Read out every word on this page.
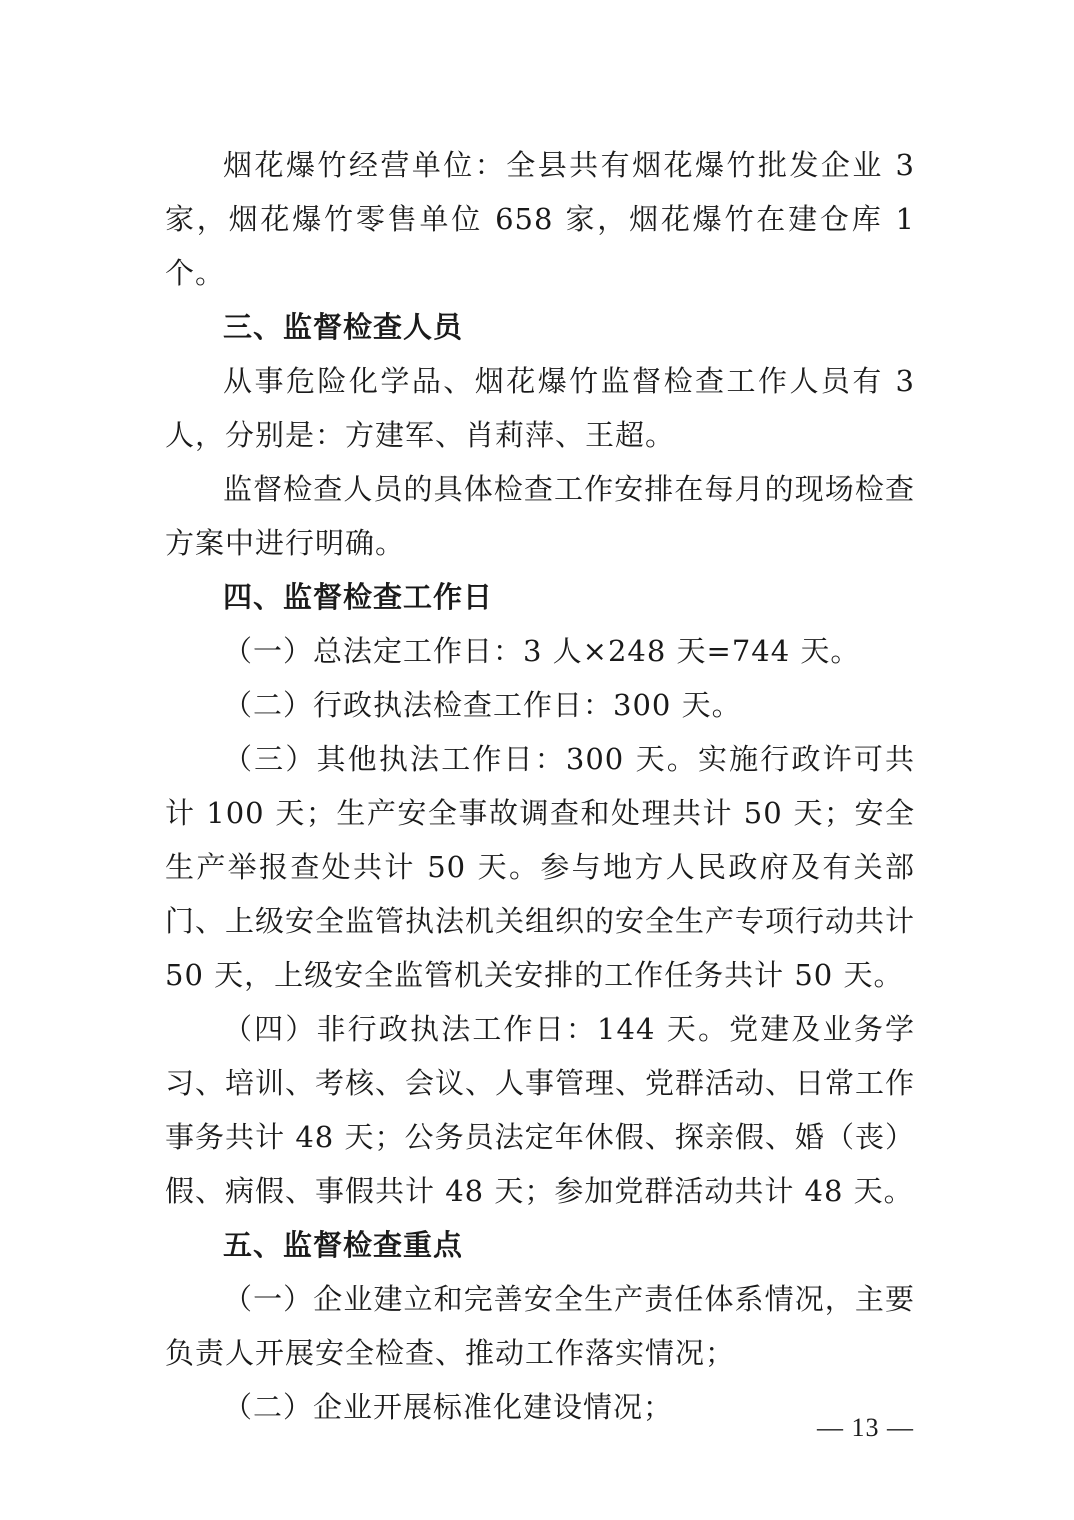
烟花爆竹经营单位：全县共有烟花爆竹批发企业 3 家，烟花爆竹零售单位 658 家，烟花爆竹在建仓库 1 个。

三、监督检查人员

从事危险化学品、烟花爆竹监督检查工作人员有 3 人，分别是：方建军、肖莉萍、王超。

监督检查人员的具体检查工作安排在每月的现场检查方案中进行明确。

四、监督检查工作日

（一）总法定工作日：3 人×248 天=744 天。

（二）行政执法检查工作日：300 天。

（三）其他执法工作日：300 天。实施行政许可共计 100 天；生产安全事故调查和处理共计 50 天；安全生产举报查处共计 50 天。参与地方人民政府及有关部门、上级安全监管执法机关组织的安全生产专项行动共计 50 天，上级安全监管机关安排的工作任务共计 50 天。

（四）非行政执法工作日：144 天。党建及业务学习、培训、考核、会议、人事管理、党群活动、日常工作事务共计 48 天；公务员法定年休假、探亲假、婚（丧）假、病假、事假共计 48 天；参加党群活动共计 48 天。

五、监督检查重点

（一）企业建立和完善安全生产责任体系情况，主要负责人开展安全检查、推动工作落实情况；

（二）企业开展标准化建设情况；

— 13 —
